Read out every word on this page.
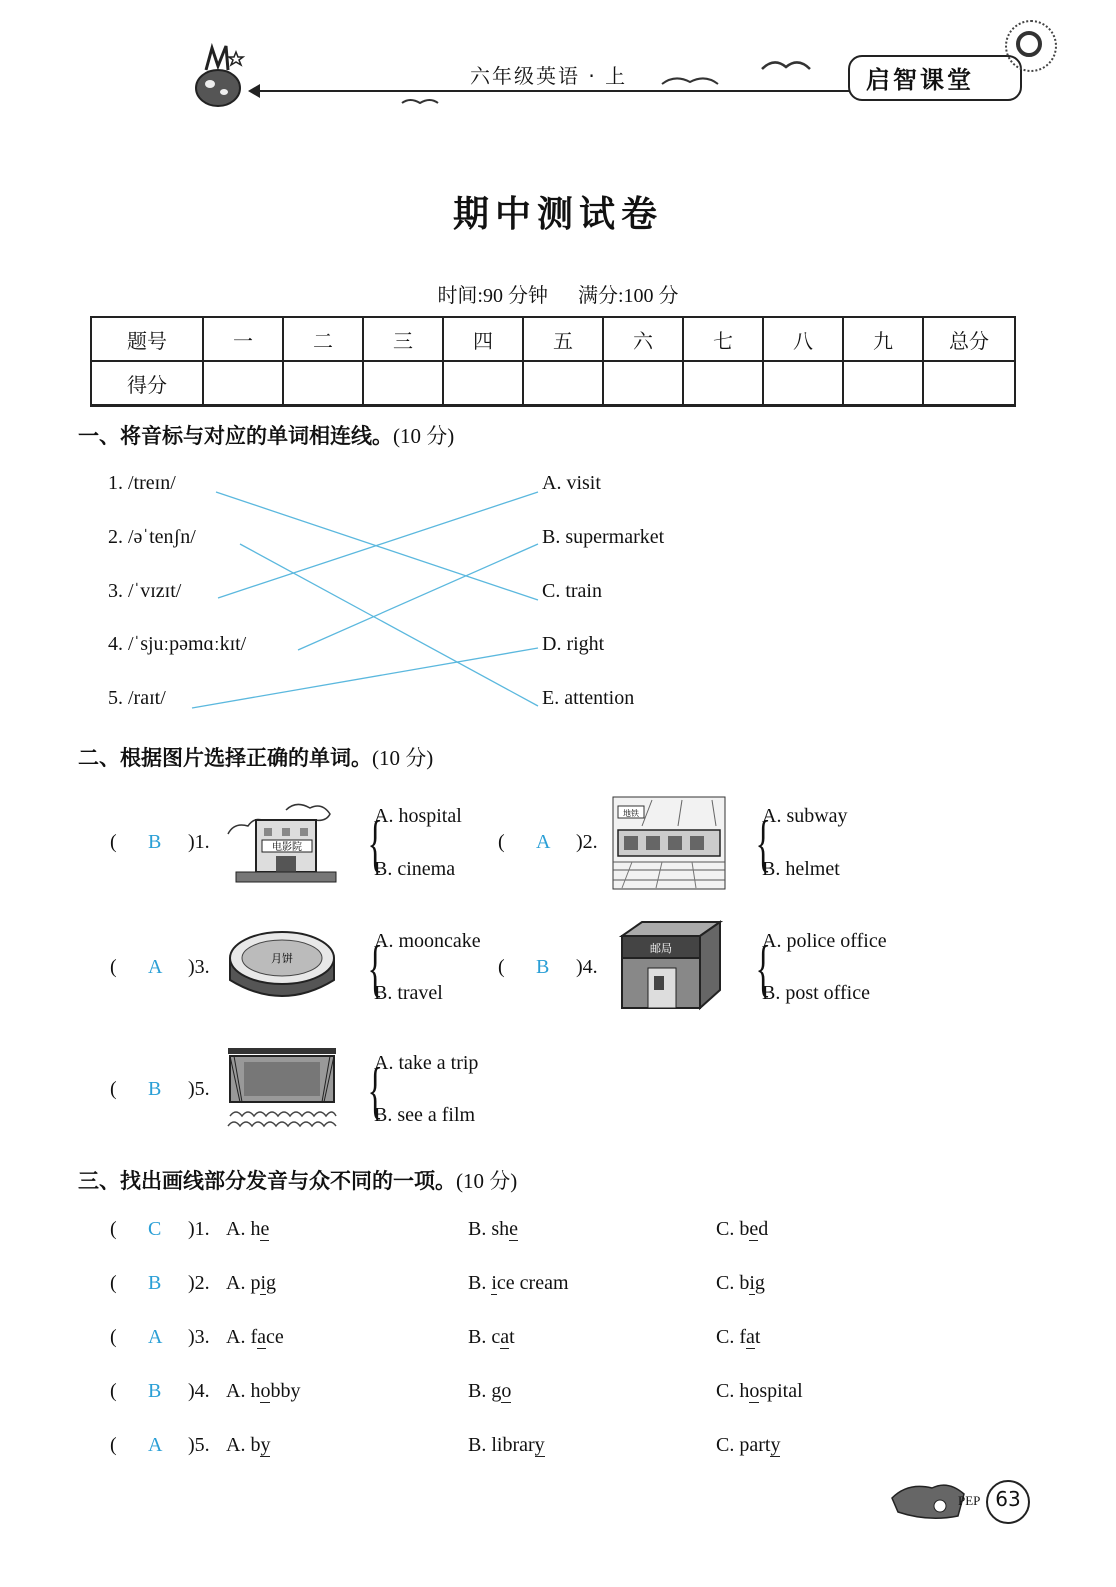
六年级英语 · 上	启智课堂
期中测试卷
时间:90 分钟      满分:100 分
题号	一	二	三	四	五	六	七	八	九	总分
得分										
一、将音标与对应的单词相连线。(10 分)
1. /treɪn/
2. /əˈtenʃn/
3. /ˈvɪzɪt/
4. /ˈsjuːpəmɑːkɪt/
5. /raɪt/
A. visit
B. supermarket
C. train
D. right
E. attention
二、根据图片选择正确的单词。(10 分)
( B )1.	电影院 {
A. hospital
B. cinema
( A )2.
地铁 {
A. subway
B. helmet
( A )3.	月饼 {
A. mooncake
B. travel
( B )4.
邮局 {
A. police office
B. post office
( B )5. {
A. take a trip
B. see a film
三、找出画线部分发音与众不同的一项。(10 分)
( C )1. A. he	B. she	C. bed
( B )2. A. pig	B. ice cream	C. big
( A )3. A. face	B. cat	C. fat
( B )4. A. hobby	B. go	C. hospital
( A )5. A. by	B. library	C. party
PEP 63
